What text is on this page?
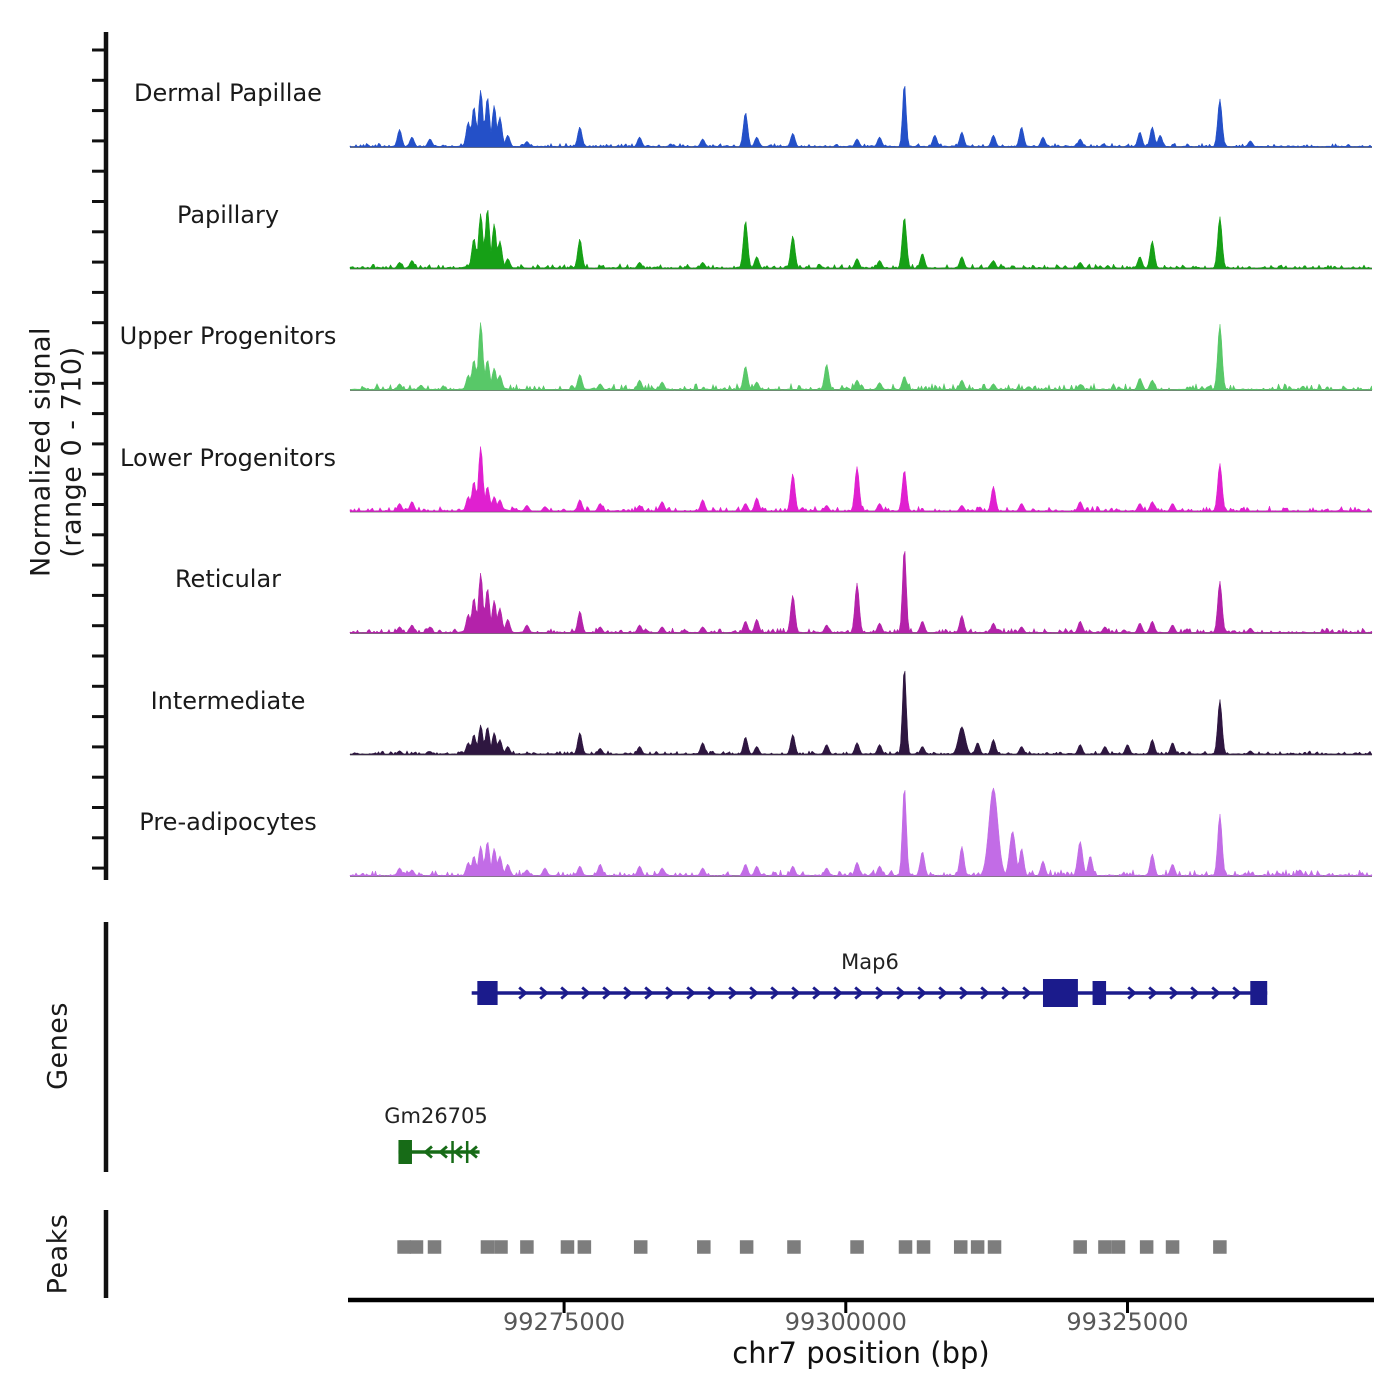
Normalized signal (range 0 - 710)
Genes
Peaks
Map6
Gm26705
99275000	99300000	99325000
chr7 position (bp)
Dermal Papillae
Papillary
Upper Progenitors
Lower Progenitors
Reticular
Intermediate
Pre-adipocytes
